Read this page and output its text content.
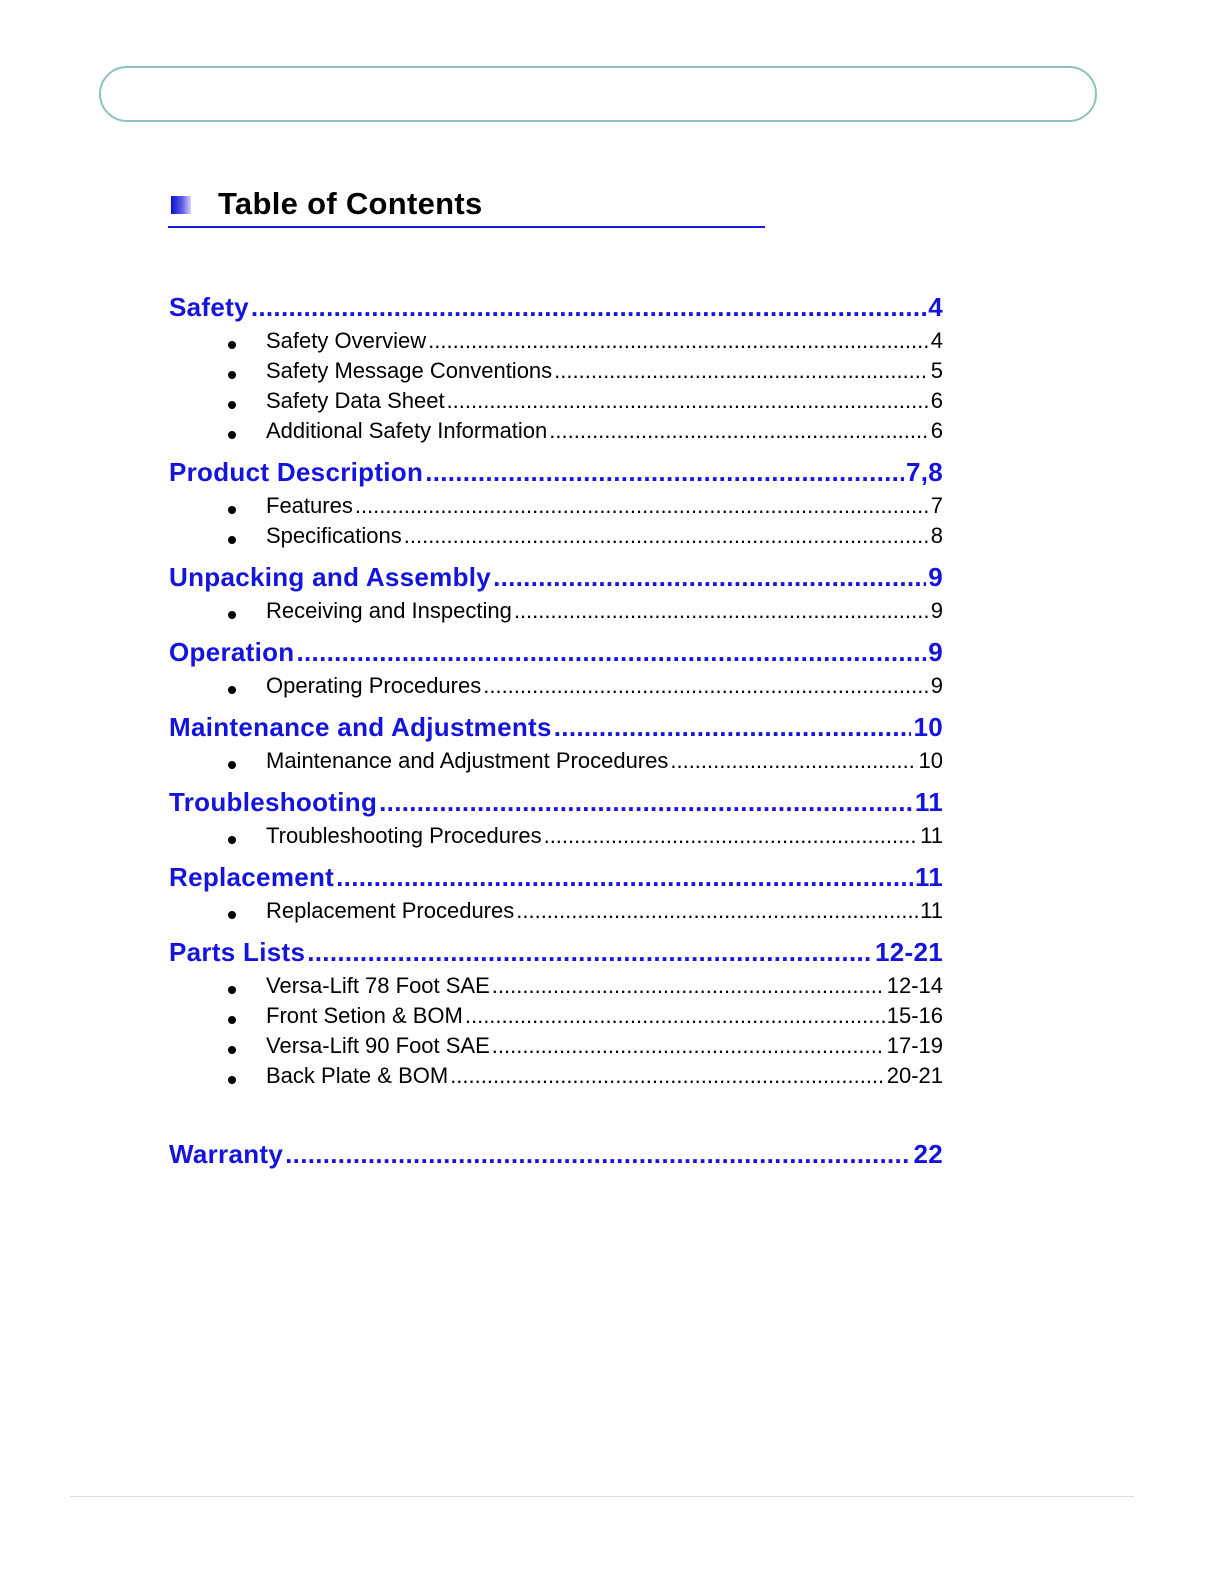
Table of Contents
Safety .....	4
Safety Overview .....	4
Safety Message Conventions .....	5
Safety Data Sheet .....	6
Additional Safety Information .....	6
Product Description .....	7,8
Features .....	7
Specifications .....	8
Unpacking and Assembly .....	9
Receiving and Inspecting .....	9
Operation .....	9
Operating Procedures .....	9
Maintenance and Adjustments .....	10
Maintenance and Adjustment Procedures .....	10
Troubleshooting .....	11
Troubleshooting Procedures .....	11
Replacement .....	11
Replacement Procedures .....	11
Parts Lists .....	12-21
Versa-Lift 78 Foot SAE .....	12-14
Front Setion & BOM .....	15-16
Versa-Lift 90 Foot SAE .....	17-19
Back Plate & BOM .....	20-21
Warranty .....	22
